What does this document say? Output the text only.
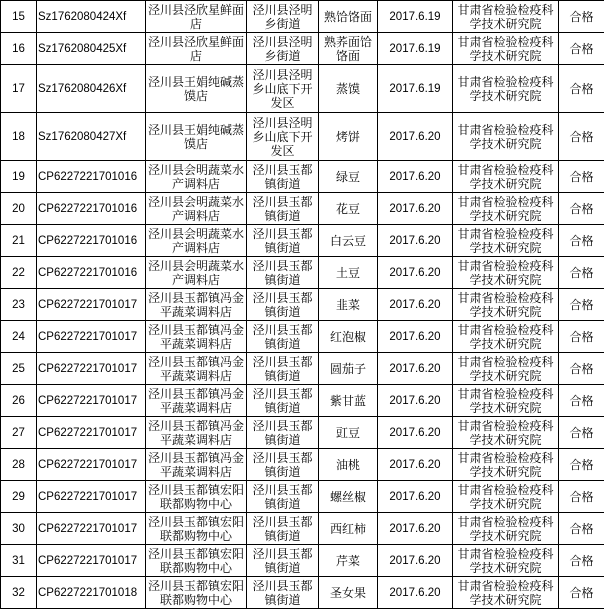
15	Sz1762080424Xf	泾川县泾欣星鲜面店	泾川县泾明乡街道	熟饸饹面	2017.6.19	甘肃省检验检疫科学技术研究院	合格
16	Sz1762080425Xf	泾川县泾欣星鲜面店	泾川县泾明乡街道	熟荞面饸饹面	2017.6.19	甘肃省检验检疫科学技术研究院	合格
17	Sz1762080426Xf	泾川县王娟纯碱蒸馍店	泾川县泾明乡山底下开发区	蒸馍	2017.6.19	甘肃省检验检疫科学技术研究院	合格
18	Sz1762080427Xf	泾川县王娟纯碱蒸馍店	泾川县泾明乡山底下开发区	烤饼	2017.6.20	甘肃省检验检疫科学技术研究院	合格
19	CP6227221701016	泾川县会明蔬菜水产调料店	泾川县玉都镇街道	绿豆	2017.6.20	甘肃省检验检疫科学技术研究院	合格
20	CP6227221701016	泾川县会明蔬菜水产调料店	泾川县玉都镇街道	花豆	2017.6.20	甘肃省检验检疫科学技术研究院	合格
21	CP6227221701016	泾川县会明蔬菜水产调料店	泾川县玉都镇街道	白云豆	2017.6.20	甘肃省检验检疫科学技术研究院	合格
22	CP6227221701016	泾川县会明蔬菜水产调料店	泾川县玉都镇街道	土豆	2017.6.20	甘肃省检验检疫科学技术研究院	合格
23	CP6227221701017	泾川县玉都镇冯金平蔬菜调料店	泾川县玉都镇街道	韭菜	2017.6.20	甘肃省检验检疫科学技术研究院	合格
24	CP6227221701017	泾川县玉都镇冯金平蔬菜调料店	泾川县玉都镇街道	红泡椒	2017.6.20	甘肃省检验检疫科学技术研究院	合格
25	CP6227221701017	泾川县玉都镇冯金平蔬菜调料店	泾川县玉都镇街道	圆茄子	2017.6.20	甘肃省检验检疫科学技术研究院	合格
26	CP6227221701017	泾川县玉都镇冯金平蔬菜调料店	泾川县玉都镇街道	紫甘蓝	2017.6.20	甘肃省检验检疫科学技术研究院	合格
27	CP6227221701017	泾川县玉都镇冯金平蔬菜调料店	泾川县玉都镇街道	豇豆	2017.6.20	甘肃省检验检疫科学技术研究院	合格
28	CP6227221701017	泾川县玉都镇冯金平蔬菜调料店	泾川县玉都镇街道	油桃	2017.6.20	甘肃省检验检疫科学技术研究院	合格
29	CP6227221701017	泾川县玉都镇宏阳联都购物中心	泾川县玉都镇街道	螺丝椒	2017.6.20	甘肃省检验检疫科学技术研究院	合格
30	CP6227221701017	泾川县玉都镇宏阳联都购物中心	泾川县玉都镇街道	西红柿	2017.6.20	甘肃省检验检疫科学技术研究院	合格
31	CP6227221701017	泾川县玉都镇宏阳联都购物中心	泾川县玉都镇街道	芹菜	2017.6.20	甘肃省检验检疫科学技术研究院	合格
32	CP6227221701018	泾川县玉都镇宏阳联都购物中心	泾川县玉都镇街道	圣女果	2017.6.20	甘肃省检验检疫科学技术研究院	合格
